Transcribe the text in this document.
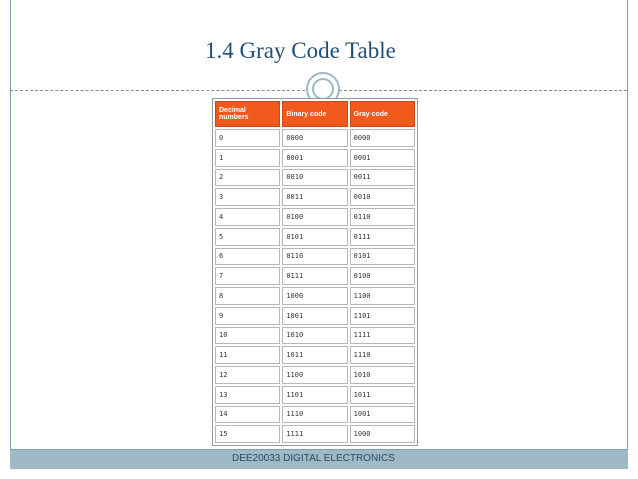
1.4 Gray Code Table
Decimal numbers	Binary code	Gray code
0	0000	0000
1	0001	0001
2	0010	0011
3	0011	0010
4	0100	0110
5	0101	0111
6	0110	0101
7	0111	0100
8	1000	1100
9	1001	1101
10	1010	1111
11	1011	1110
12	1100	1010
13	1101	1011
14	1110	1001
15	1111	1000
DEE20033 DIGITAL ELECTRONICS
